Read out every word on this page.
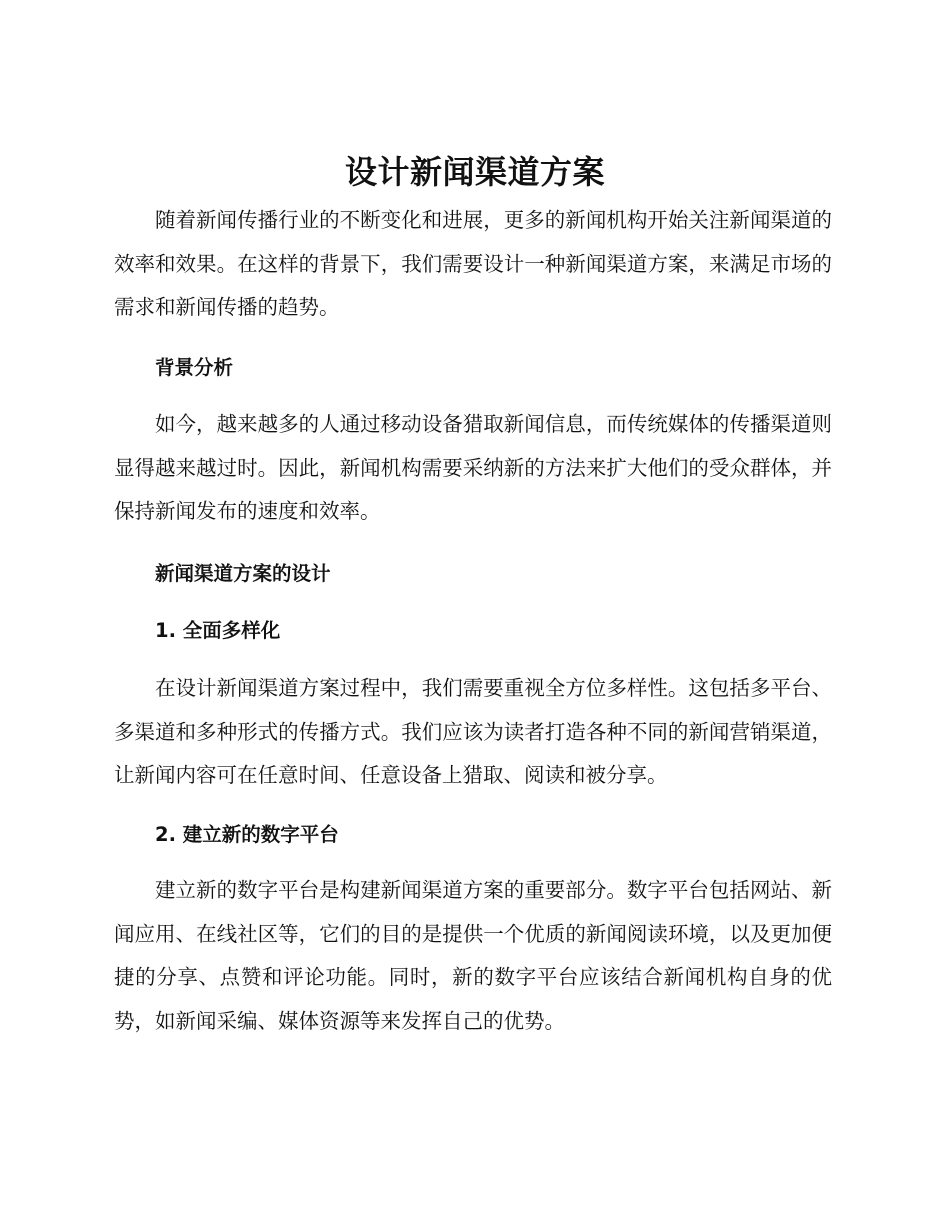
设计新闻渠道方案

随着新闻传播行业的不断变化和进展，更多的新闻机构开始关注新闻渠道的效率和效果。在这样的背景下，我们需要设计一种新闻渠道方案，来满足市场的需求和新闻传播的趋势。

背景分析

如今，越来越多的人通过移动设备猎取新闻信息，而传统媒体的传播渠道则显得越来越过时。因此，新闻机构需要采纳新的方法来扩大他们的受众群体，并保持新闻发布的速度和效率。

新闻渠道方案的设计
1. 全面多样化

在设计新闻渠道方案过程中，我们需要重视全方位多样性。这包括多平台、多渠道和多种形式的传播方式。我们应该为读者打造各种不同的新闻营销渠道，让新闻内容可在任意时间、任意设备上猎取、阅读和被分享。

2. 建立新的数字平台

建立新的数字平台是构建新闻渠道方案的重要部分。数字平台包括网站、新闻应用、在线社区等，它们的目的是提供一个优质的新闻阅读环境，以及更加便捷的分享、点赞和评论功能。同时，新的数字平台应该结合新闻机构自身的优势，如新闻采编、媒体资源等来发挥自己的优势。
